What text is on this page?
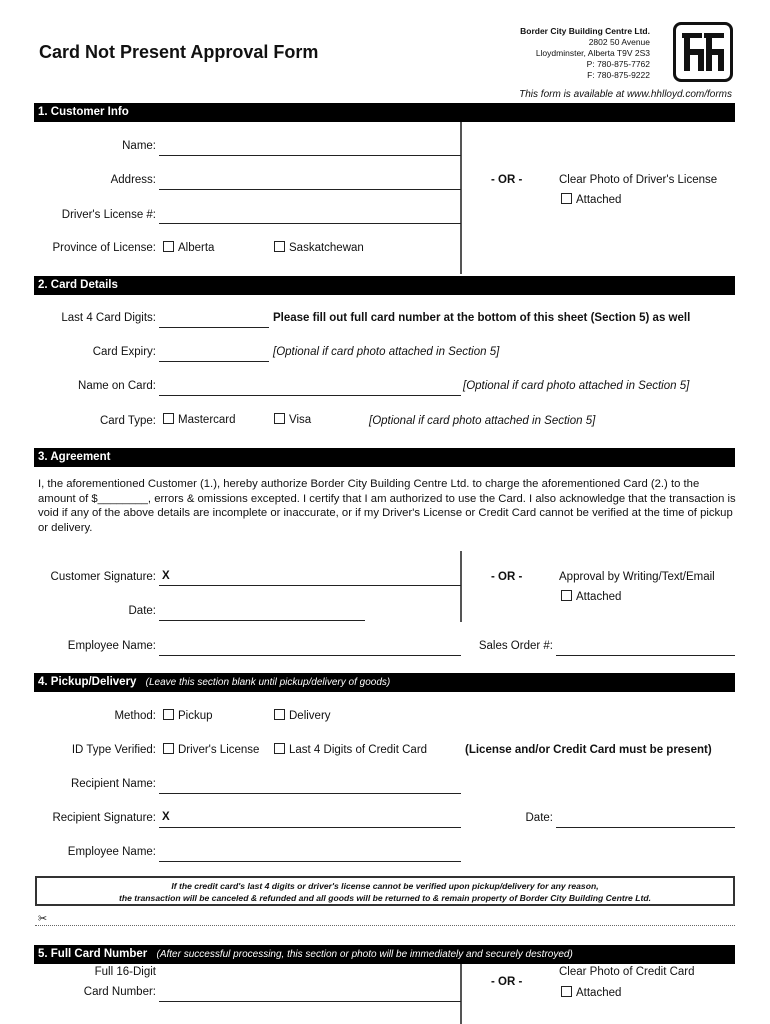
Card Not Present Approval Form
Border City Building Centre Ltd.
2802 50 Avenue
Lloydminster, Alberta T9V 2S3
P: 780-875-7762
F: 780-875-9222
This form is available at www.hhlloyd.com/forms
1. Customer Info
Name:
Address:
Driver's License #:
Province of License:	Alberta	Saskatchewan
- OR -	Clear Photo of Driver's License
Attached
2. Card Details
Last 4 Card Digits:	Please fill out full card number at the bottom of this sheet (Section 5) as well
Card Expiry:	[Optional if card photo attached in Section 5]
Name on Card:	[Optional if card photo attached in Section 5]
Card Type:	Mastercard	Visa	[Optional if card photo attached in Section 5]
3. Agreement
I, the aforementioned Customer (1.), hereby authorize Border City Building Centre Ltd. to charge the aforementioned Card (2.) to the amount of $________, errors & omissions excepted. I certify that I am authorized to use the Card. I also acknowledge that the transaction is void if any of the above details are incomplete or inaccurate, or if my Driver's License or Credit Card cannot be verified at the time of pickup or delivery.
Customer Signature: X
Date:
- OR -	Approval by Writing/Text/Email
Attached
Employee Name:	Sales Order #:
4. Pickup/Delivery (Leave this section blank until pickup/delivery of goods)
Method:	Pickup	Delivery
ID Type Verified:	Driver's License	Last 4 Digits of Credit Card	(License and/or Credit Card must be present)
Recipient Name:
Recipient Signature: X	Date:
Employee Name:
If the credit card's last 4 digits or driver's license cannot be verified upon pickup/delivery for any reason,
the transaction will be canceled & refunded and all goods will be returned to & remain property of Border City Building Centre Ltd.
✂
5. Full Card Number (After successful processing, this section or photo will be immediately and securely destroyed)
Full 16-Digit
Card Number:
- OR -
Clear Photo of Credit Card
Attached
